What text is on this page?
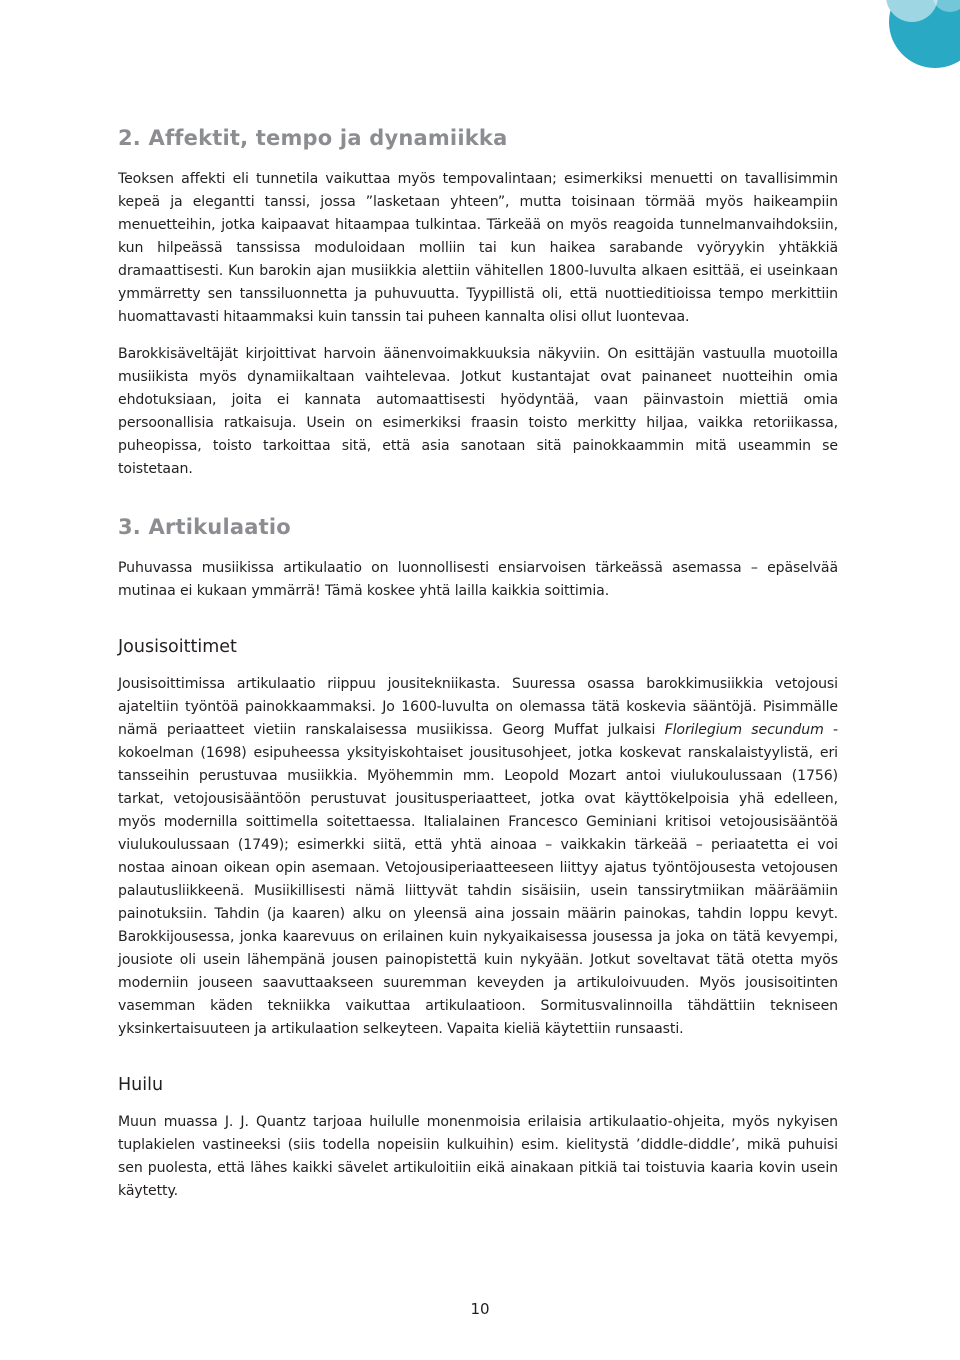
2. Affektit, tempo ja dynamiikka

Teoksen affekti eli tunnetila vaikuttaa myös tempovalintaan; esimerkiksi menuetti on tavallisimmin kepeä ja elegantti tanssi, jossa ”lasketaan yhteen”, mutta toisinaan törmää myös haikeampiin menuetteihin, jotka kaipaavat hitaampaa tulkintaa. Tärkeää on myös reagoida tunnelmanvaihdoksiin, kun hilpeässä tanssissa moduloidaan molliin tai kun haikea sarabande vyöryykin yhtäkkiä dramaattisesti. Kun barokin ajan musiikkia alettiin vähitellen 1800-luvulta alkaen esittää, ei useinkaan ymmärretty sen tanssiluonnetta ja puhuvuutta. Tyypillistä oli, että nuottieditioissa tempo merkittiin huomattavasti hitaammaksi kuin tanssin tai puheen kannalta olisi ollut luontevaa.

Barokkisäveltäjät kirjoittivat harvoin äänenvoimakkuuksia näkyviin. On esittäjän vastuulla muotoilla musiikista myös dynamiikaltaan vaihtelevaa. Jotkut kustantajat ovat painaneet nuotteihin omia ehdotuksiaan, joita ei kannata automaattisesti hyödyntää, vaan päinvastoin miettiä omia persoonallisia ratkaisuja. Usein on esimerkiksi fraasin toisto merkitty hiljaa, vaikka retoriikassa, puheopissa, toisto tarkoittaa sitä, että asia sanotaan sitä painokkaammin mitä useammin se toistetaan.

3. Artikulaatio

Puhuvassa musiikissa artikulaatio on luonnollisesti ensiarvoisen tärkeässä asemassa – epäselvää mutinaa ei kukaan ymmärrä! Tämä koskee yhtä lailla kaikkia soittimia.

Jousisoittimet

Jousisoittimissa artikulaatio riippuu jousitekniikasta. Suuressa osassa barokkimusiikkia vetojousi ajateltiin työntöä painokkaammaksi. Jo 1600-luvulta on olemassa tätä koskevia sääntöjä. Pisimmälle nämä periaatteet vietiin ranskalaisessa musiikissa. Georg Muffat julkaisi Florilegium secundum -kokoelman (1698) esipuheessa yksityiskohtaiset jousitusohjeet, jotka koskevat ranskalaistyylistä, eri tansseihin perustuvaa musiikkia. Myöhemmin mm. Leopold Mozart antoi viulukoulussaan (1756) tarkat, vetojousisääntöön perustuvat jousitusperiaatteet, jotka ovat käyttökelpoisia yhä edelleen, myös modernilla soittimella soitettaessa. Italialainen Francesco Geminiani kritisoi vetojousisääntöä viulukoulussaan (1749); esimerkki siitä, että yhtä ainoaa – vaikkakin tärkeää – periaatetta ei voi nostaa ainoan oikean opin asemaan. Vetojousiperiaatteeseen liittyy ajatus työntöjousesta vetojousen palautusliikkeenä. Musiikillisesti nämä liittyvät tahdin sisäisiin, usein tanssirytmiikan määräämiin painotuksiin. Tahdin (ja kaaren) alku on yleensä aina jossain määrin painokas, tahdin loppu kevyt. Barokkijousessa, jonka kaarevuus on erilainen kuin nykyaikaisessa jousessa ja joka on tätä kevyempi, jousiote oli usein lähempänä jousen painopistettä kuin nykyään. Jotkut soveltavat tätä otetta myös moderniin jouseen saavuttaakseen suuremman keveyden ja artikuloivuuden. Myös jousisoitinten vasemman käden tekniikka vaikuttaa artikulaatioon. Sormitusvalinnoilla tähdättiin tekniseen yksinkertaisuuteen ja artikulaation selkeyteen. Vapaita kieliä käytettiin runsaasti.

Huilu

Muun muassa J. J. Quantz tarjoaa huilulle monenmoisia erilaisia artikulaatio-ohjeita, myös nykyisen tuplakielen vastineeksi (siis todella nopeisiin kulkuihin) esim. kielitystä ’diddle-diddle’, mikä puhuisi sen puolesta, että lähes kaikki sävelet artikuloitiin eikä ainakaan pitkiä tai toistuvia kaaria kovin usein käytetty.

10
